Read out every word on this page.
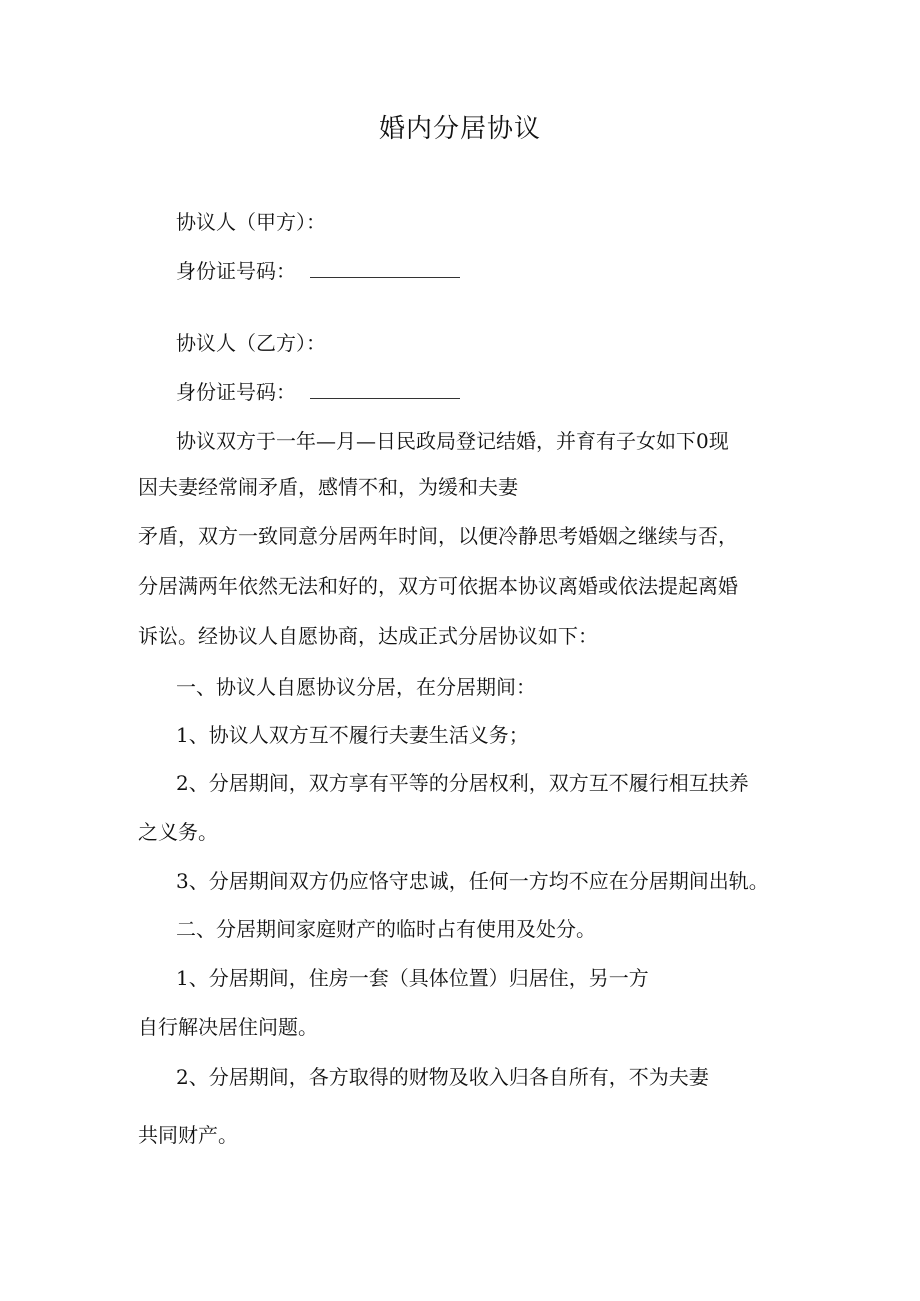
婚内分居协议
协议人（甲方）：
身份证号码：
协议人（乙方）：
身份证号码：
协议双方于一年—月—日民政局登记结婚，并育有子女如下0现
因夫妻经常闹矛盾，感情不和，为缓和夫妻
矛盾，双方一致同意分居两年时间，以便冷静思考婚姻之继续与否，
分居满两年依然无法和好的，双方可依据本协议离婚或依法提起离婚
诉讼。经协议人自愿协商，达成正式分居协议如下：
一、协议人自愿协议分居，在分居期间：
1、协议人双方互不履行夫妻生活义务；
2、分居期间，双方享有平等的分居权利，双方互不履行相互扶养
之义务。
3、分居期间双方仍应恪守忠诚，任何一方均不应在分居期间出轨。
二、分居期间家庭财产的临时占有使用及处分。
1、分居期间，住房一套（具体位置）归居住，另一方
自行解决居住问题。
2、分居期间，各方取得的财物及收入归各自所有，不为夫妻
共同财产。
